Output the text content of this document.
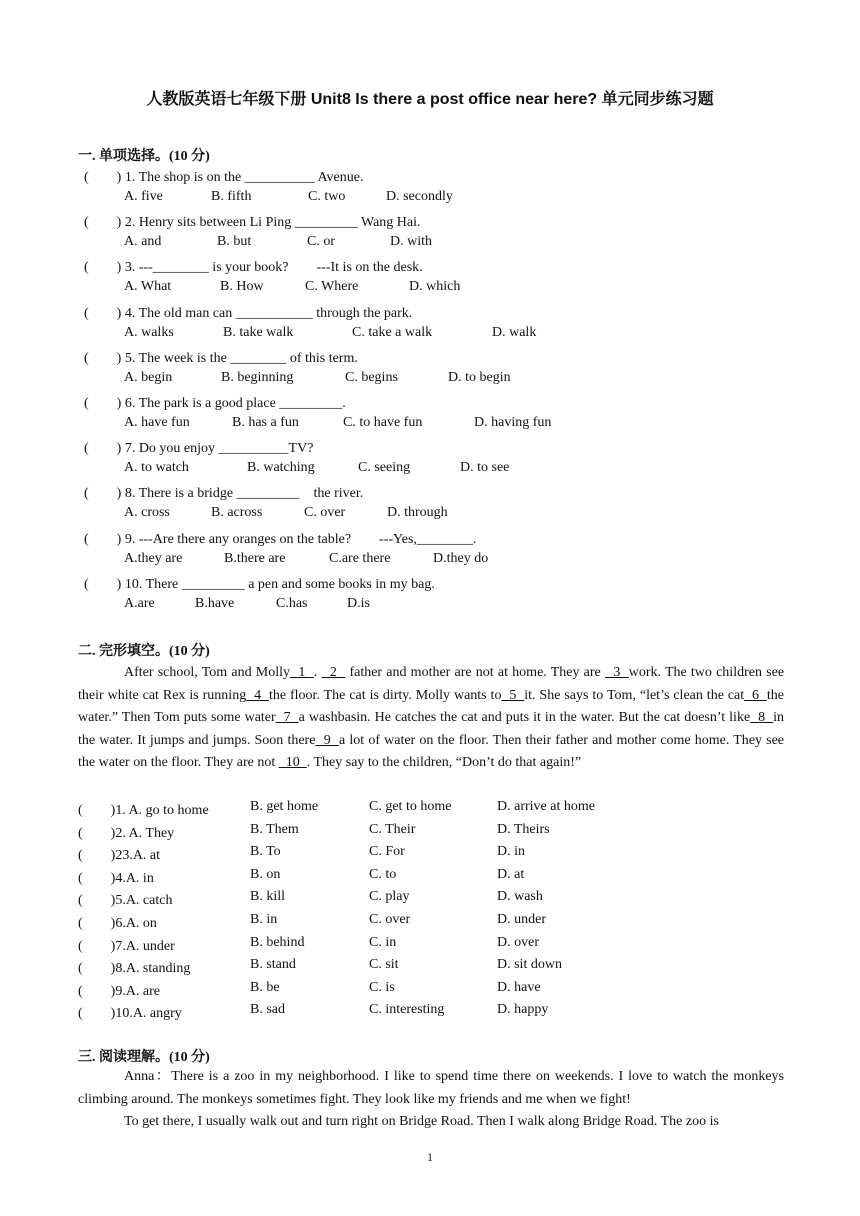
人教版英语七年级下册 Unit8 Is there a post office near here? 单元同步练习题
一. 单项选择。(10 分)
(　　) 1. The shop is on the __________ Avenue.
A. five	B. fifth	C. two	D. secondly
(　　) 2. Henry sits between Li Ping _________ Wang Hai.
A. and	B. but	C. or	D. with
(　　) 3. ---________ is your book?　　---It is on the desk.
A. What	B. How	C. Where	D. which
(　　) 4. The old man can ___________ through the park.
A. walks	B. take walk	C. take a walk	D. walk
(　　) 5. The week is the ________ of this term.
A. begin	B. beginning	C. begins	D. to begin
(　　) 6. The park is a good place _________.
A. have fun	B. has a fun	C. to have fun	D. having fun
(　　) 7. Do you enjoy __________TV?
A. to watch	B. watching	C. seeing	D. to see
(　　) 8. There is a bridge _________　the river.
A. cross	B. across	C. over	D. through
(　　) 9. ---Are there any oranges on the table?　　---Yes,________.
A.they are	B.there are	C.are there	D.they do
(　　) 10. There _________ a pen and some books in my bag.
A.are	B.have	C.has	D.is
二. 完形填空。(10 分)

After school, Tom and Molly  1  .   2   father and mother are not at home. They are   3  work. The two children see their white cat Rex is running  4  the floor. The cat is dirty. Molly wants to  5  it. She says to Tom, “let’s clean the cat  6  the water.” Then Tom puts some water  7  a washbasin. He catches the cat and puts it in the water. But the cat doesn’t like  8  in the water. It jumps and jumps. Soon there  9  a lot of water on the floor. Then their father and mother come home. They see the water on the floor. They are not   10  . They say to the children, “Don’t do that again!”

(　　)1. A. go to home	B. get home	C. get to home	D. arrive at home
(　　)2. A. They	B. Them	C. Their	D. Theirs
(　　)23.A. at	B. To	C. For	D. in
(　　)4.A. in	B. on	C. to	D. at
(　　)5.A. catch	B. kill	C. play	D. wash
(　　)6.A. on	B. in	C. over	D. under
(　　)7.A. under	B. behind	C. in	D. over
(　　)8.A. standing	B. stand	C. sit	D. sit down
(　　)9.A. are	B. be	C. is	D. have
(　　)10.A. angry	B. sad	C. interesting	D. happy
三. 阅读理解。(10 分)

Anna：There is a zoo in my neighborhood. I like to spend time there on weekends. I love to watch the monkeys climbing around. The monkeys sometimes fight. They look like my friends and me when we fight!

To get there, I usually walk out and turn right on Bridge Road. Then I walk along Bridge Road. The zoo is

1
